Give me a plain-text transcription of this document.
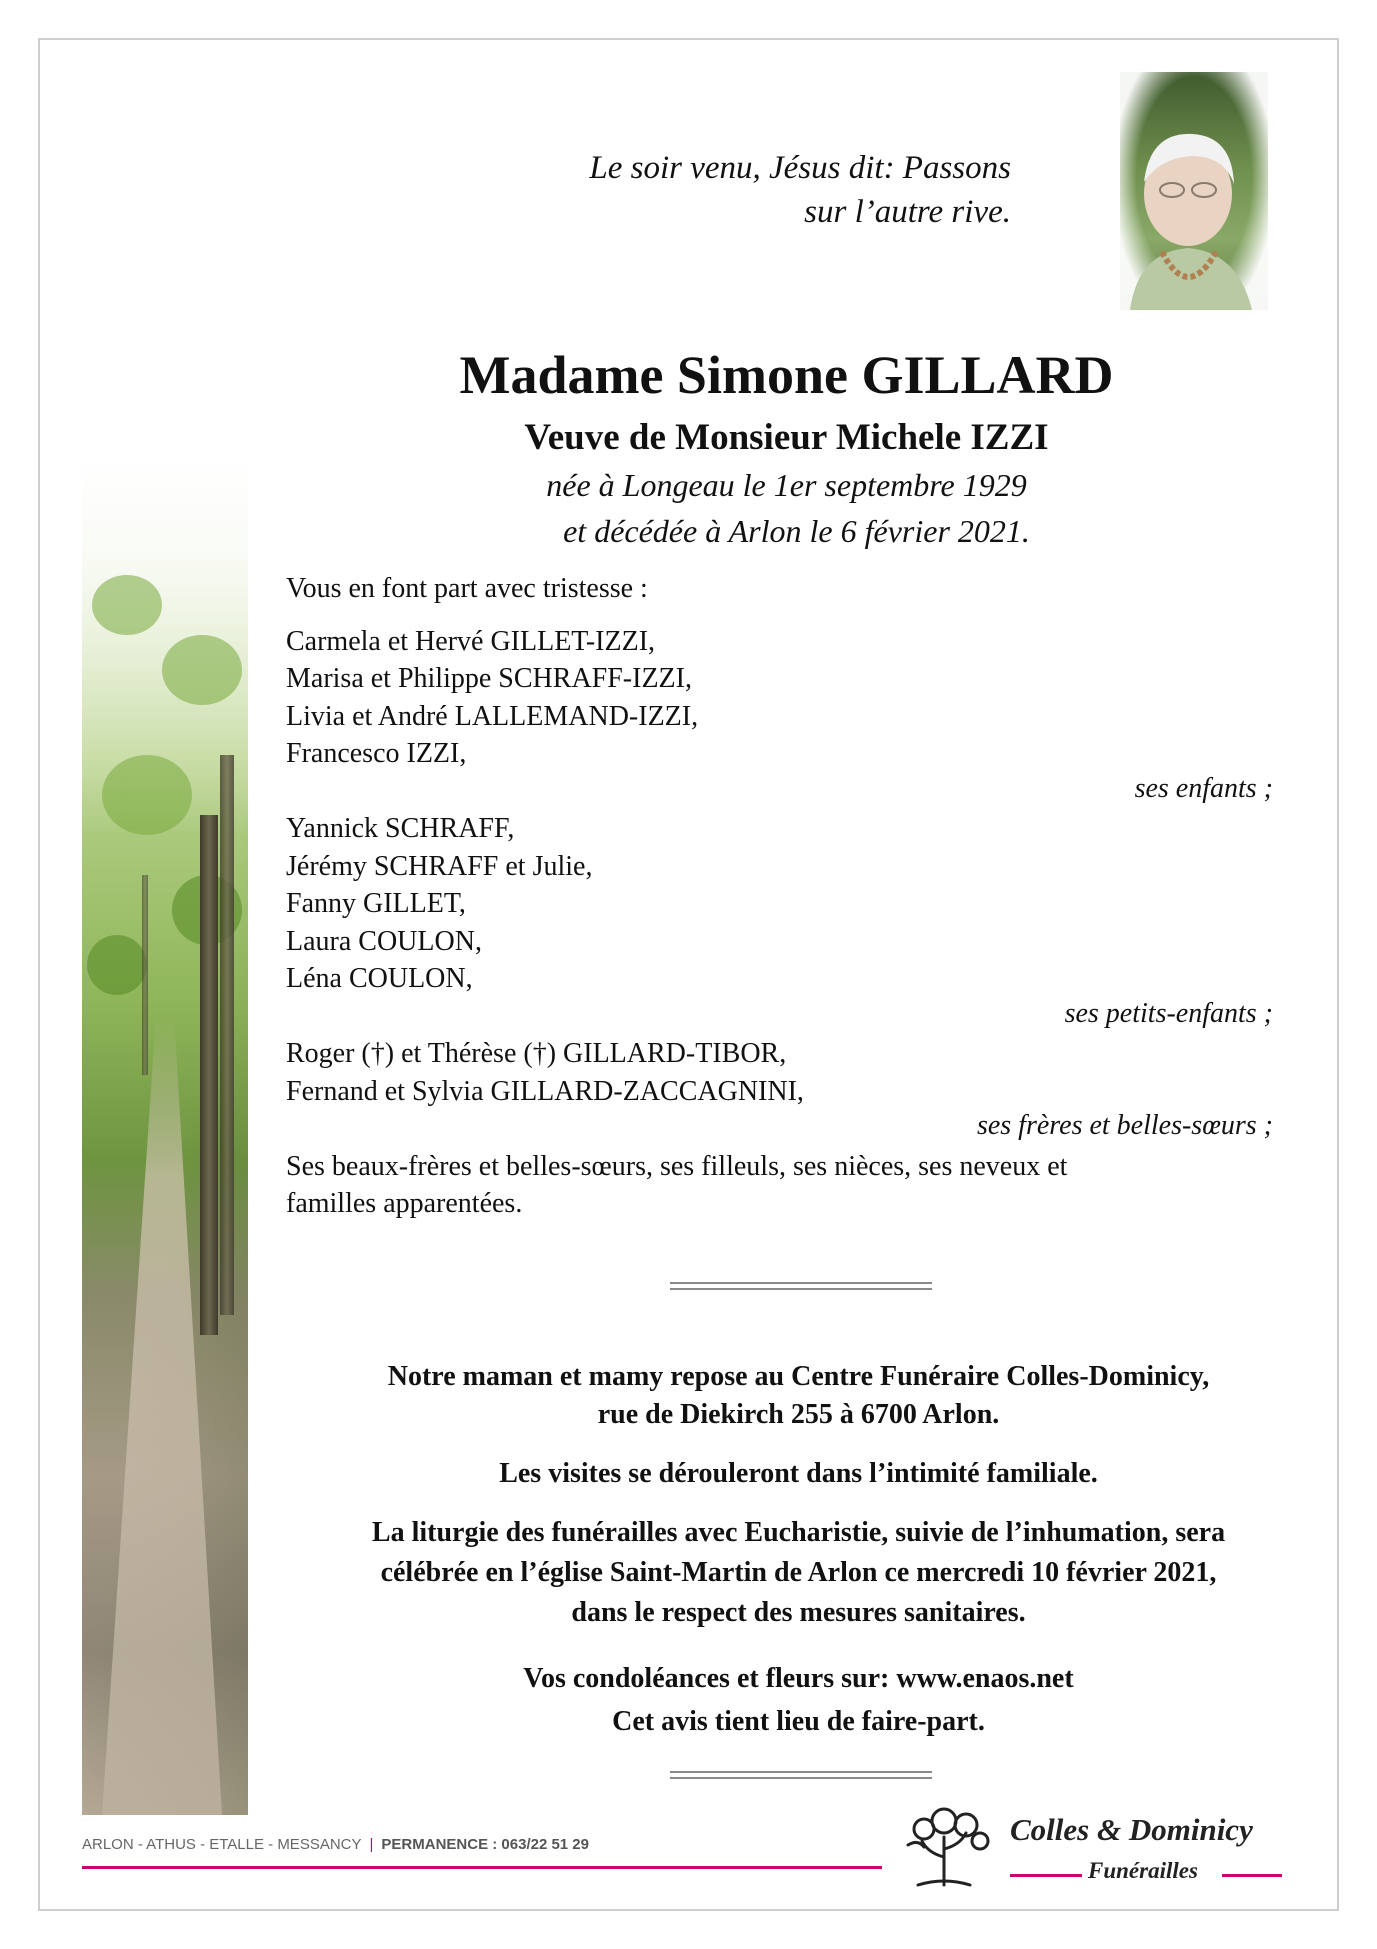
Le soir venu, Jésus dit: Passons

sur l’autre rive.

Madame Simone GILLARD

Veuve de Monsieur Michele IZZI

née à Longeau le 1er septembre 1929

et décédée à Arlon le 6 février 2021.

Vous en font part avec tristesse :

Carmela et Hervé GILLET-IZZI,

Marisa et Philippe SCHRAFF-IZZI,

Livia et André LALLEMAND-IZZI,

Francesco IZZI,

ses enfants ;

Yannick SCHRAFF,

Jérémy SCHRAFF et Julie,

Fanny GILLET,

Laura COULON,

Léna COULON,

ses petits-enfants ;

Roger (†) et Thérèse (†) GILLARD-TIBOR,

Fernand et Sylvia GILLARD-ZACCAGNINI,

ses frères et belles-sœurs ;

Ses beaux-frères et belles-sœurs, ses filleuls, ses nièces, ses neveux et

familles apparentées.

Notre maman et mamy repose au Centre Funéraire Colles-Dominicy,

rue de Diekirch 255 à 6700 Arlon.

Les visites se dérouleront dans l’intimité familiale.

La liturgie des funérailles avec Eucharistie, suivie de l’inhumation, sera

célébrée en l’église Saint-Martin de Arlon ce mercredi 10 février 2021,

dans le respect des mesures sanitaires.

Vos condoléances et fleurs sur: www.enaos.net

Cet avis tient lieu de faire-part.

ARLON - ATHUS - ETALLE - MESSANCY | PERMANENCE : 063/22 51 29	Colles & Dominicy
Funérailles
